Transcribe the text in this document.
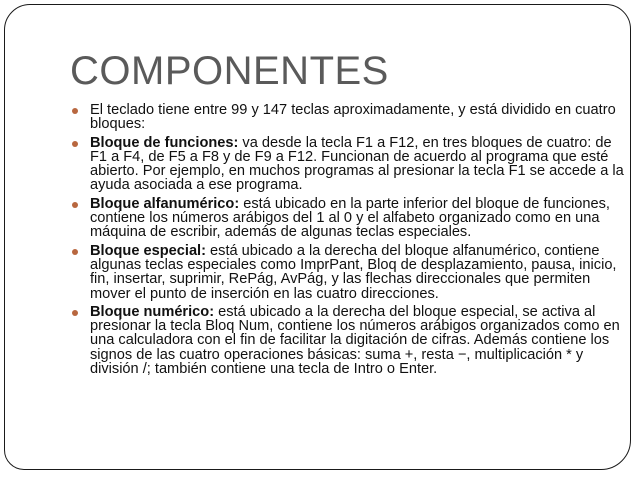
COMPONENTES
El teclado tiene entre 99 y 147 teclas aproximadamente, y está dividido en cuatro bloques:
Bloque de funciones: va desde la tecla F1 a F12, en tres bloques de cuatro: de F1 a F4, de F5 a F8 y de F9 a F12. Funcionan de acuerdo al programa que esté abierto. Por ejemplo, en muchos programas al presionar la tecla F1 se accede a la ayuda asociada a ese programa.
Bloque alfanumérico: está ubicado en la parte inferior del bloque de funciones, contiene los números arábigos del 1 al 0 y el alfabeto organizado como en una máquina de escribir, además de algunas teclas especiales.
Bloque especial: está ubicado a la derecha del bloque alfanumérico, contiene algunas teclas especiales como ImprPant, Bloq de desplazamiento, pausa, inicio, fin, insertar, suprimir, RePág, AvPág, y las flechas direccionales que permiten mover el punto de inserción en las cuatro direcciones.
Bloque numérico: está ubicado a la derecha del bloque especial, se activa al presionar la tecla Bloq Num, contiene los números arábigos organizados como en una calculadora con el fin de facilitar la digitación de cifras. Además contiene los signos de las cuatro operaciones básicas: suma +, resta −, multiplicación * y división /; también contiene una tecla de Intro o Enter.
